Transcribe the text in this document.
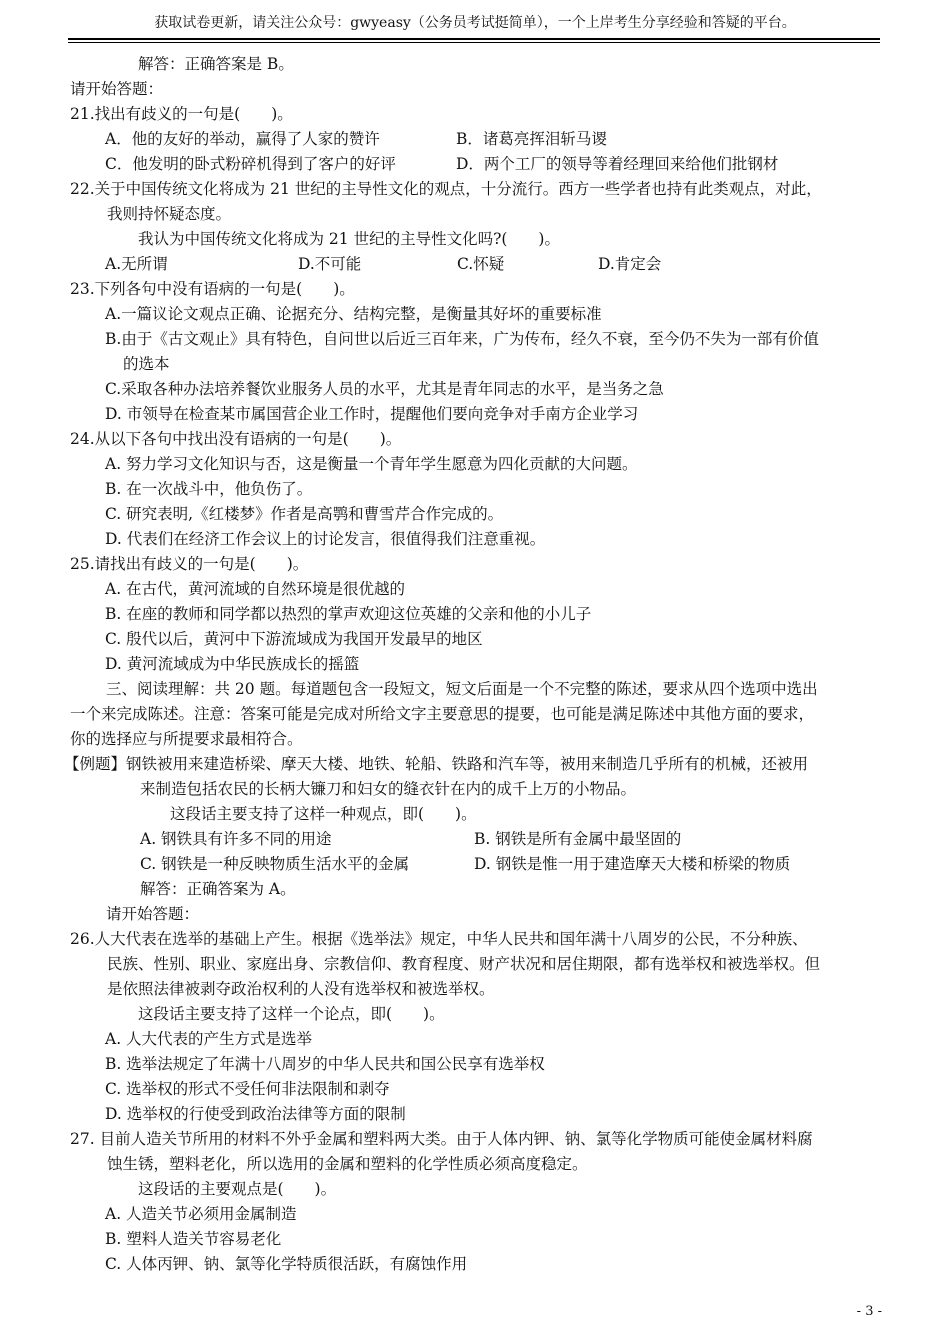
获取试卷更新，请关注公众号：gwyeasy（公务员考试挺简单），一个上岸考生分享经验和答疑的平台。
解答：正确答案是 B。
请开始答题：
21.找出有歧义的一句是(　　)。
A．他的友好的举动，赢得了人家的赞许	B．诸葛亮挥泪斩马谡
C．他发明的卧式粉碎机得到了客户的好评	D．两个工厂的领导等着经理回来给他们批钢材
22.关于中国传统文化将成为 21 世纪的主导性文化的观点，十分流行。西方一些学者也持有此类观点，对此，
我则持怀疑态度。
我认为中国传统文化将成为 21 世纪的主导性文化吗?(　　)。
A.无所谓	D.不可能	C.怀疑	D.肯定会
23.下列各句中没有语病的一句是(　　)。
A.一篇议论文观点正确、论据充分、结构完整，是衡量其好坏的重要标准
B.由于《古文观止》具有特色，自问世以后近三百年来，广为传布，经久不衰，至今仍不失为一部有价值
的选本
C.采取各种办法培养餐饮业服务人员的水平，尤其是青年同志的水平，是当务之急
D. 市领导在检查某市属国营企业工作时，提醒他们要向竞争对手南方企业学习
24.从以下各句中找出没有语病的一句是(　　)。
A. 努力学习文化知识与否，这是衡量一个青年学生愿意为四化贡献的大问题。
B. 在一次战斗中，他负伤了。
C. 研究表明,《红楼梦》作者是高鹗和曹雪芹合作完成的。
D. 代表们在经济工作会议上的讨论发言，很值得我们注意重视。
25.请找出有歧义的一句是(　　)。
A. 在古代，黄河流域的自然环境是很优越的
B. 在座的教师和同学都以热烈的掌声欢迎这位英雄的父亲和他的小儿子
C. 殷代以后，黄河中下游流域成为我国开发最早的地区
D. 黄河流域成为中华民族成长的摇篮
三、阅读理解：共 20 题。每道题包含一段短文，短文后面是一个不完整的陈述，要求从四个选项中选出
一个来完成陈述。注意：答案可能是完成对所给文字主要意思的提要，也可能是满足陈述中其他方面的要求，
你的选择应与所提要求最相符合。
【例题】钢铁被用来建造桥梁、摩天大楼、地铁、轮船、铁路和汽车等，被用来制造几乎所有的机械，还被用
来制造包括农民的长柄大镰刀和妇女的缝衣针在内的成千上万的小物品。
这段话主要支持了这样一种观点，即(　　)。
A. 钢铁具有许多不同的用途	B. 钢铁是所有金属中最坚固的
C. 钢铁是一种反映物质生活水平的金属	D. 钢铁是惟一用于建造摩天大楼和桥梁的物质
解答：正确答案为 A。
请开始答题：
26.人大代表在选举的基础上产生。根据《选举法》规定，中华人民共和国年满十八周岁的公民，不分种族、
民族、性别、职业、家庭出身、宗教信仰、教育程度、财产状况和居住期限，都有选举权和被选举权。但
是依照法律被剥夺政治权利的人没有选举权和被选举权。
这段话主要支持了这样一个论点，即(　　)。
A. 人大代表的产生方式是选举
B. 选举法规定了年满十八周岁的中华人民共和国公民享有选举权
C. 选举权的形式不受任何非法限制和剥夺
D. 选举权的行使受到政治法律等方面的限制
27. 目前人造关节所用的材料不外乎金属和塑料两大类。由于人体内钾、钠、氯等化学物质可能使金属材料腐
蚀生锈，塑料老化，所以选用的金属和塑料的化学性质必须高度稳定。
这段话的主要观点是(　　)。
A. 人造关节必须用金属制造
B. 塑料人造关节容易老化
C. 人体丙钾、钠、氯等化学特质很活跃，有腐蚀作用
- 3 -
